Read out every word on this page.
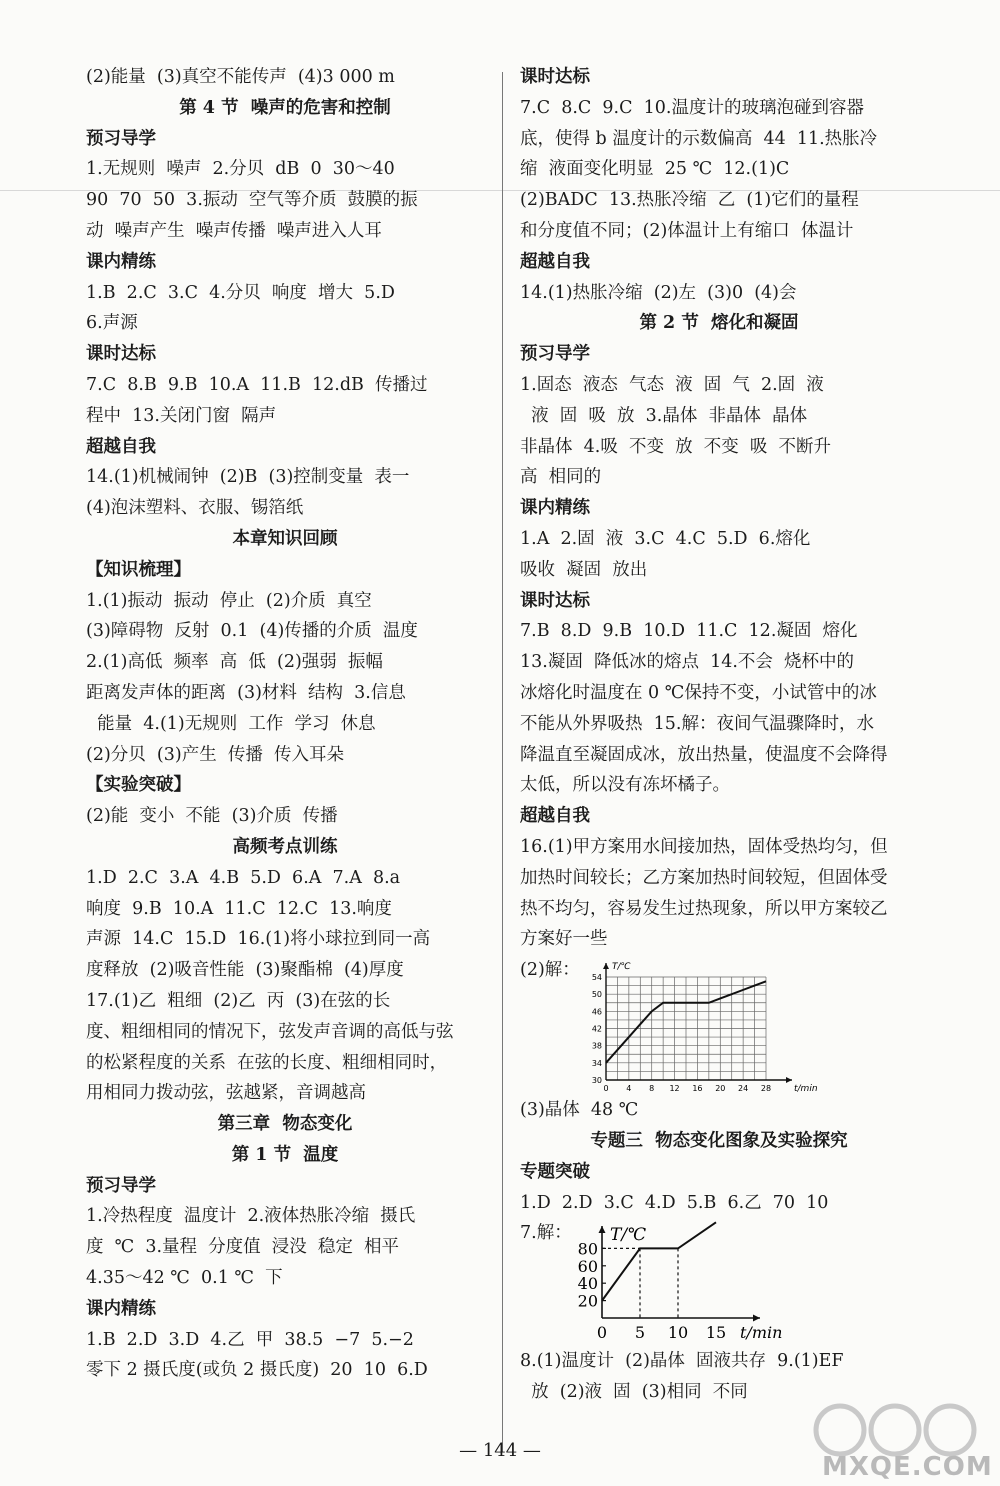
(2)能量  (3)真空不能传声  (4)3 000 m
第 4 节  噪声的危害和控制
预习导学
1.无规则  噪声  2.分贝  dB  0  30～40
90  70  50  3.振动  空气等介质  鼓膜的振
动  噪声产生  噪声传播  噪声进入人耳
课内精练
1.B  2.C  3.C  4.分贝  响度  增大  5.D
6.声源
课时达标
7.C  8.B  9.B  10.A  11.B  12.dB  传播过
程中  13.关闭门窗  隔声
超越自我
14.(1)机械闹钟  (2)B  (3)控制变量  表一
(4)泡沫塑料、衣服、锡箔纸
本章知识回顾
【知识梳理】
1.(1)振动  振动  停止  (2)介质  真空
(3)障碍物  反射  0.1  (4)传播的介质  温度
2.(1)高低  频率  高  低  (2)强弱  振幅
距离发声体的距离  (3)材料  结构  3.信息
能量  4.(1)无规则  工作  学习  休息
(2)分贝  (3)产生  传播  传入耳朵
【实验突破】
(2)能  变小  不能  (3)介质  传播
高频考点训练
1.D  2.C  3.A  4.B  5.D  6.A  7.A  8.a
响度  9.B  10.A  11.C  12.C  13.响度
声源  14.C  15.D  16.(1)将小球拉到同一高
度释放  (2)吸音性能  (3)聚酯棉  (4)厚度
17.(1)乙  粗细  (2)乙  丙  (3)在弦的长
度、粗细相同的情况下，弦发声音调的高低与弦
的松紧程度的关系  在弦的长度、粗细相同时，
用相同力拨动弦，弦越紧，音调越高
第三章  物态变化
第 1 节  温度
预习导学
1.冷热程度  温度计  2.液体热胀冷缩  摄氏
度  ℃  3.量程  分度值  浸没  稳定  相平
4.35～42 ℃  0.1 ℃  下
课内精练
1.B  2.D  3.D  4.乙  甲  38.5  −7  5.−2
零下 2 摄氏度(或负 2 摄氏度)  20  10  6.D
课时达标
7.C  8.C  9.C  10.温度计的玻璃泡碰到容器
底，使得 b 温度计的示数偏高  44  11.热胀冷
缩  液面变化明显  25 ℃  12.(1)C
(2)BADC  13.热胀冷缩  乙  (1)它们的量程
和分度值不同；(2)体温计上有缩口  体温计
超越自我
14.(1)热胀冷缩  (2)左  (3)0  (4)会
第 2 节  熔化和凝固
预习导学
1.固态  液态  气态  液  固  气  2.固  液
液  固  吸  放  3.晶体  非晶体  晶体
非晶体  4.吸  不变  放  不变  吸  不断升
高  相同的
课内精练
1.A  2.固  液  3.C  4.C  5.D  6.熔化
吸收  凝固  放出
课时达标
7.B  8.D  9.B  10.D  11.C  12.凝固  熔化
13.凝固  降低冰的熔点  14.不会  烧杯中的
冰熔化时温度在 0 ℃保持不变，小试管中的冰
不能从外界吸热  15.解：夜间气温骤降时，水
降温直至凝固成冰，放出热量，使温度不会降得
太低，所以没有冻坏橘子。
超越自我
16.(1)甲方案用水间接加热，固体受热均匀，但
加热时间较长；乙方案加热时间较短，但固体受
热不均匀，容易发生过热现象，所以甲方案较乙
方案好一些
(2)解：
30
34
38
42
46
50
54
0 4 8 12 16 20 24 28
T/℃
t/min
(3)晶体  48 ℃
专题三  物态变化图象及实验探究
专题突破
1.D  2.D  3.C  4.D  5.B  6.乙  70  10
7.解：
20
40
60
80
0 5 10 15
T/℃
t/min
8.(1)温度计  (2)晶体  固液共存  9.(1)EF
放  (2)液  固  (3)相同  不同
— 144 —
MXQE.COM
